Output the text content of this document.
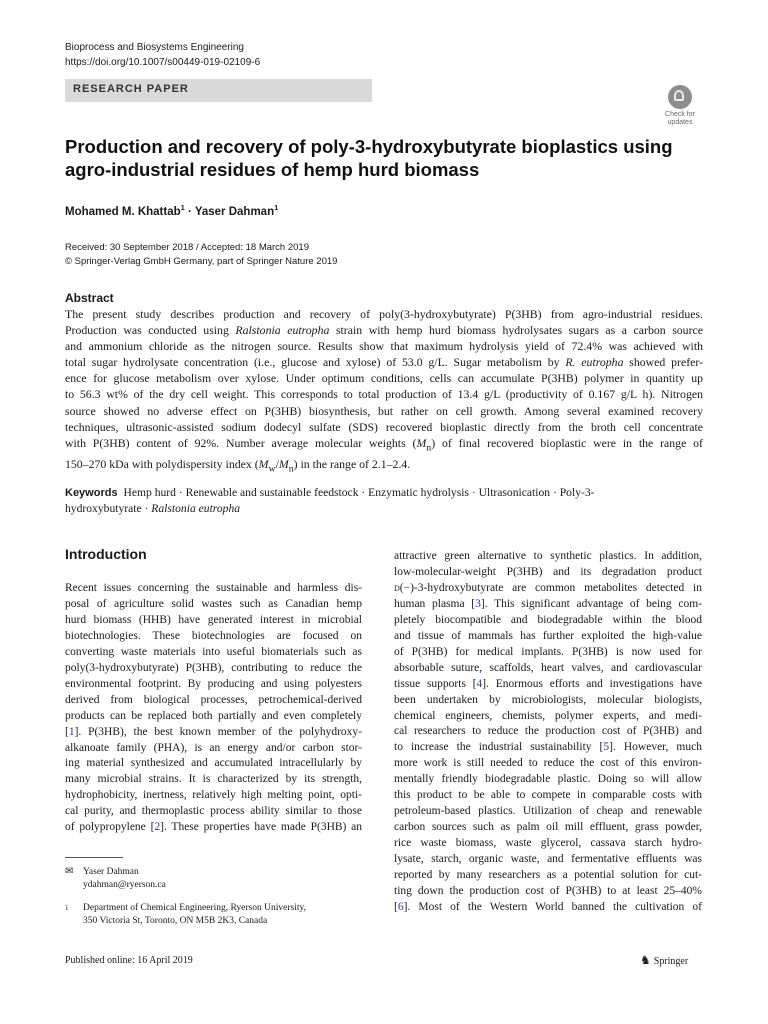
Bioprocess and Biosystems Engineering
https://doi.org/10.1007/s00449-019-02109-6
RESEARCH PAPER
Check for
updates
Production and recovery of poly-3-hydroxybutyrate bioplastics using
agro-industrial residues of hemp hurd biomass
Mohamed M. Khattab$^1$ · Yaser Dahman$^1$
Received: 30 September 2018 / Accepted: 18 March 2019
© Springer-Verlag GmbH Germany, part of Springer Nature 2019
Abstract
The present study describes production and recovery of poly(3-hydroxybutyrate) P(3HB) from agro-industrial residues.
Production was conducted using Ralstonia eutropha strain with hemp hurd biomass hydrolysates sugars as a carbon source
and ammonium chloride as the nitrogen source. Results show that maximum hydrolysis yield of 72.4% was achieved with
total sugar hydrolysate concentration (i.e., glucose and xylose) of 53.0 g/L. Sugar metabolism by R. eutropha showed prefer-
ence for glucose metabolism over xylose. Under optimum conditions, cells can accumulate P(3HB) polymer in quantity up
to 56.3 wt% of the dry cell weight. This corresponds to total production of 13.4 g/L (productivity of 0.167 g/L h). Nitrogen
source showed no adverse effect on P(3HB) biosynthesis, but rather on cell growth. Among several examined recovery
techniques, ultrasonic-assisted sodium dodecyl sulfate (SDS) recovered bioplastic directly from the broth cell concentrate
with P(3HB) content of 92%. Number average molecular weights $(M_n)$ of final recovered bioplastic were in the range of
150–270 kDa with polydispersity index $(M_w/M_n)$ in the range of 2.1–2.4.
Keywords Hemp hurd · Renewable and sustainable feedstock · Enzymatic hydrolysis · Ultrasonication · Poly-3-
hydroxybutyrate · Ralstonia eutropha
Introduction
Recent issues concerning the sustainable and harmless dis-
posal of agriculture solid wastes such as Canadian hemp
hurd biomass (HHB) have generated interest in microbial
biotechnologies. These biotechnologies are focused on
converting waste materials into useful biomaterials such as
poly(3-hydroxybutyrate) P(3HB), contributing to reduce the
environmental footprint. By producing and using polyesters
derived from biological processes, petrochemical-derived
products can be replaced both partially and even completely
[1]. P(3HB), the best known member of the polyhydroxy-
alkanoate family (PHA), is an energy and/or carbon stor-
ing material synthesized and accumulated intracellularly by
many microbial strains. It is characterized by its strength,
hydrophobicity, inertness, relatively high melting point, opti-
cal purity, and thermoplastic process ability similar to those
of polypropylene [2]. These properties have made P(3HB) an
attractive green alternative to synthetic plastics. In addition,
low-molecular-weight P(3HB) and its degradation product
d(−)-3-hydroxybutyrate are common metabolites detected in
human plasma [3]. This significant advantage of being com-
pletely biocompatible and biodegradable within the blood
and tissue of mammals has further exploited the high-value
of P(3HB) for medical implants. P(3HB) is now used for
absorbable suture, scaffolds, heart valves, and cardiovascular
tissue supports [4]. Enormous efforts and investigations have
been undertaken by microbiologists, molecular biologists,
chemical engineers, chemists, polymer experts, and medi-
cal researchers to reduce the production cost of P(3HB) and
to increase the industrial sustainability [5]. However, much
more work is still needed to reduce the cost of this environ-
mentally friendly biodegradable plastic. Doing so will allow
this product to be able to compete in comparable costs with
petroleum-based plastics. Utilization of cheap and renewable
carbon sources such as palm oil mill effluent, grass powder,
rice waste biomass, waste glycerol, cassava starch hydro-
lysate, starch, organic waste, and fermentative effluents was
reported by many researchers as a potential solution for cut-
ting down the production cost of P(3HB) to at least 25–40%
[6]. Most of the Western World banned the cultivation of
✉ Yaser Dahman
ydahman@ryerson.ca
1 Department of Chemical Engineering, Ryerson University,
350 Victoria St, Toronto, ON M5B 2K3, Canada
Published online: 16 April 2019	♞ Springer
